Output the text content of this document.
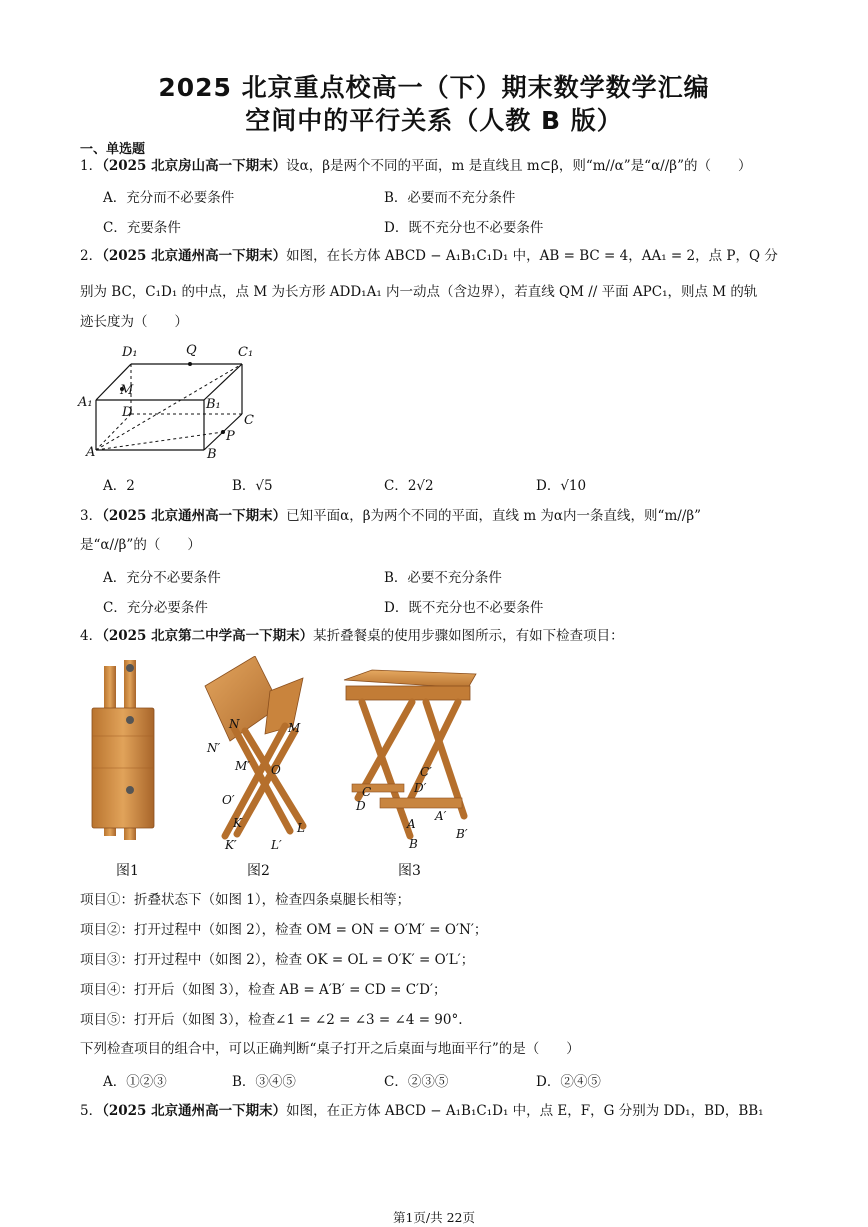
2025 北京重点校高一（下）期末数学数学汇编
空间中的平行关系（人教 B 版）
一、单选题
1．（2025 北京房山高一下期末）设α，β是两个不同的平面，m 是直线且 m⊂β，则“m//α”是“α//β”的（　　）
A．充分而不必要条件	B．必要而不充分条件
C．充要条件	D．既不充分也不必要条件
2．（2025 北京通州高一下期末）如图，在长方体 ABCD − A₁B₁C₁D₁ 中，AB = BC = 4，AA₁ = 2，点 P，Q 分
别为 BC，C₁D₁ 的中点，点 M 为长方形 ADD₁A₁ 内一动点（含边界），若直线 QM // 平面 APC₁，则点 M 的轨
迹长度为（　　）
D₁	Q	C₁
A₁
M
D
B₁
C
P
A	B
A．2	B．√5	C．2√2	D．√10
3．（2025 北京通州高一下期末）已知平面α，β为两个不同的平面，直线 m 为α内一条直线，则“m//β”
是“α//β”的（　　）
A．充分不必要条件	B．必要不充分条件
C．充分必要条件	D．既不充分也不必要条件
4．（2025 北京第二中学高一下期末）某折叠餐桌的使用步骤如图所示，有如下检查项目：
图1
N	M
N′
M′ O
O′
K	L
K′	L′
图2
C′
D′
C
D
A
A′
B
B′
图3
项目①：折叠状态下（如图 1），检查四条桌腿长相等；
项目②：打开过程中（如图 2），检查 OM = ON = O′M′ = O′N′；
项目③：打开过程中（如图 2），检查 OK = OL = O′K′ = O′L′；
项目④：打开后（如图 3），检查 AB = A′B′ = CD = C′D′；
项目⑤：打开后（如图 3），检查∠1 = ∠2 = ∠3 = ∠4 = 90°.
下列检查项目的组合中，可以正确判断“桌子打开之后桌面与地面平行”的是（　　）
A．①②③	B．③④⑤	C．②③⑤	D．②④⑤
5．（2025 北京通州高一下期末）如图，在正方体 ABCD − A₁B₁C₁D₁ 中，点 E，F，G 分别为 DD₁，BD，BB₁
第1页/共 22页
